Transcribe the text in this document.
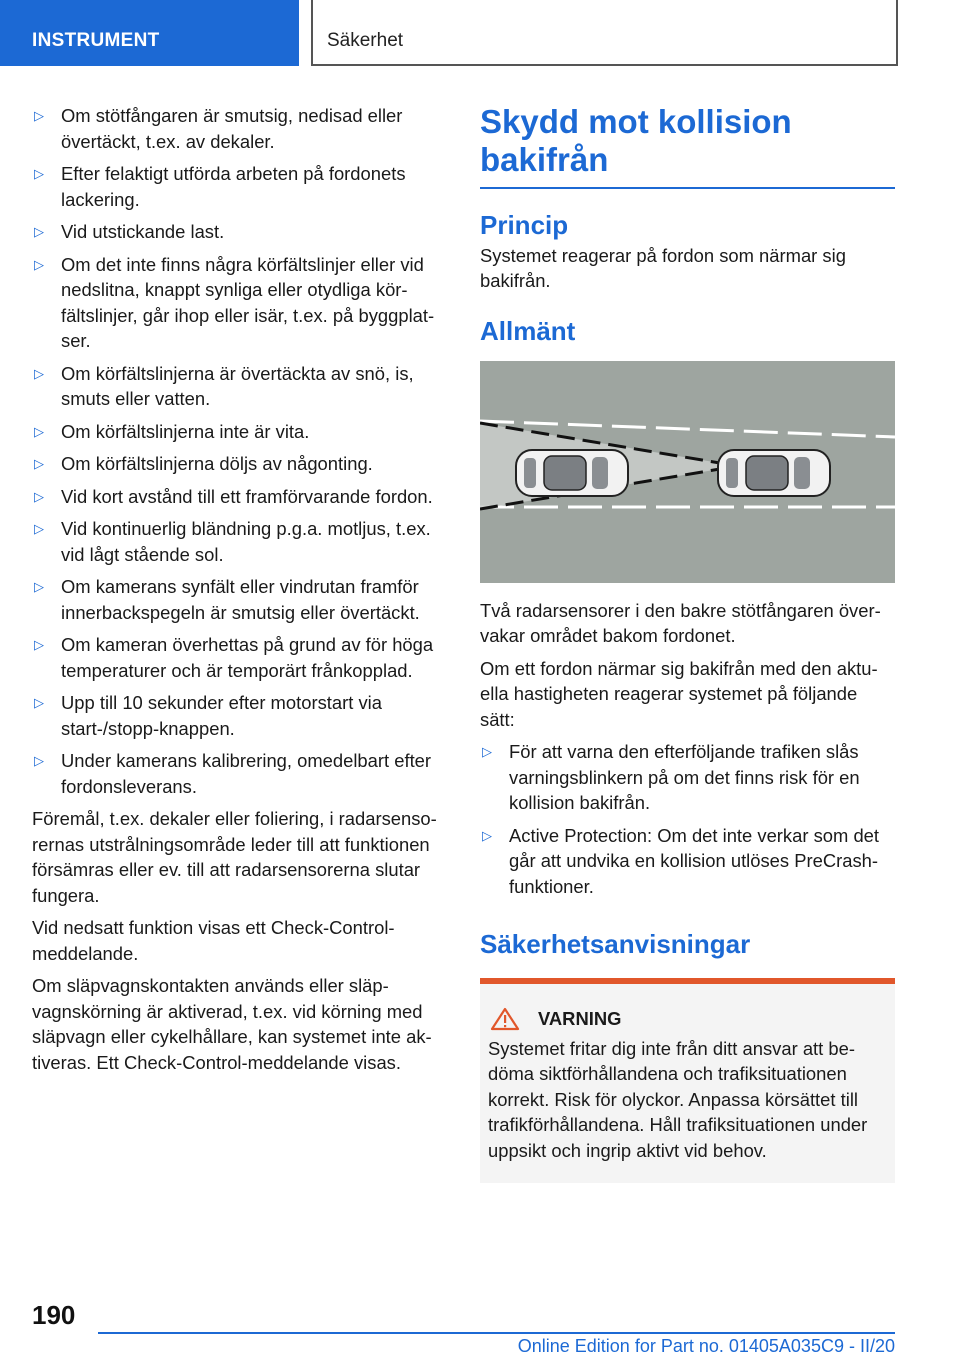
INSTRUMENT	Säkerhet
▷ Om stötfångaren är smutsig, nedisad eller övertäckt, t.ex. av dekaler.
▷ Efter felaktigt utförda arbeten på fordonets lackering.
▷ Vid utstickande last.
▷ Om det inte finns några körfältslinjer eller vid nedslitna, knappt synliga eller otydliga kör-fältslinjer, går ihop eller isär, t.ex. på byggplat-ser.
▷ Om körfältslinjerna är övertäckta av snö, is, smuts eller vatten.
▷ Om körfältslinjerna inte är vita.
▷ Om körfältslinjerna döljs av någonting.
▷ Vid kort avstånd till ett framförvarande fordon.
▷ Vid kontinuerlig bländning p.g.a. motljus, t.ex. vid lågt stående sol.
▷ Om kamerans synfält eller vindrutan framför innerbackspegeln är smutsig eller övertäckt.
▷ Om kameran överhettas på grund av för höga temperaturer och är temporärt frånkopplad.
▷ Upp till 10 sekunder efter motorstart via start-/stopp-knappen.
▷ Under kamerans kalibrering, omedelbart efter fordonsleverans.

Föremål, t.ex. dekaler eller foliering, i radarsenso-rernas utstrålningsområde leder till att funktionen försämras eller ev. till att radarsensorerna slutar fungera.

Vid nedsatt funktion visas ett Check-Control-meddelande.

Om släpvagnskontakten används eller släp-vagnskörning är aktiverad, t.ex. vid körning med släpvagn eller cykelhållare, kan systemet inte ak-tiveras. Ett Check-Control-meddelande visas.

Skydd mot kollision bakifrån
Princip

Systemet reagerar på fordon som närmar sig bakifrån.

Allmänt

Två radarsensorer i den bakre stötfångaren över-vakar området bakom fordonet.

Om ett fordon närmar sig bakifrån med den aktu-ella hastigheten reagerar systemet på följande sätt:

▷ För att varna den efterföljande trafiken slås varningsblinkern på om det finns risk för en kollision bakifrån.
▷ Active Protection: Om det inte verkar som det går att undvika en kollision utlöses PreCrash-funktioner.
Säkerhetsanvisningar
VARNING

Systemet fritar dig inte från ditt ansvar att be-döma siktförhållandena och trafiksituationen korrekt. Risk för olyckor. Anpassa körsättet till trafikförhållandena. Håll trafiksituationen under uppsikt och ingrip aktivt vid behov.

190
Online Edition for Part no. 01405A035C9 - II/20
